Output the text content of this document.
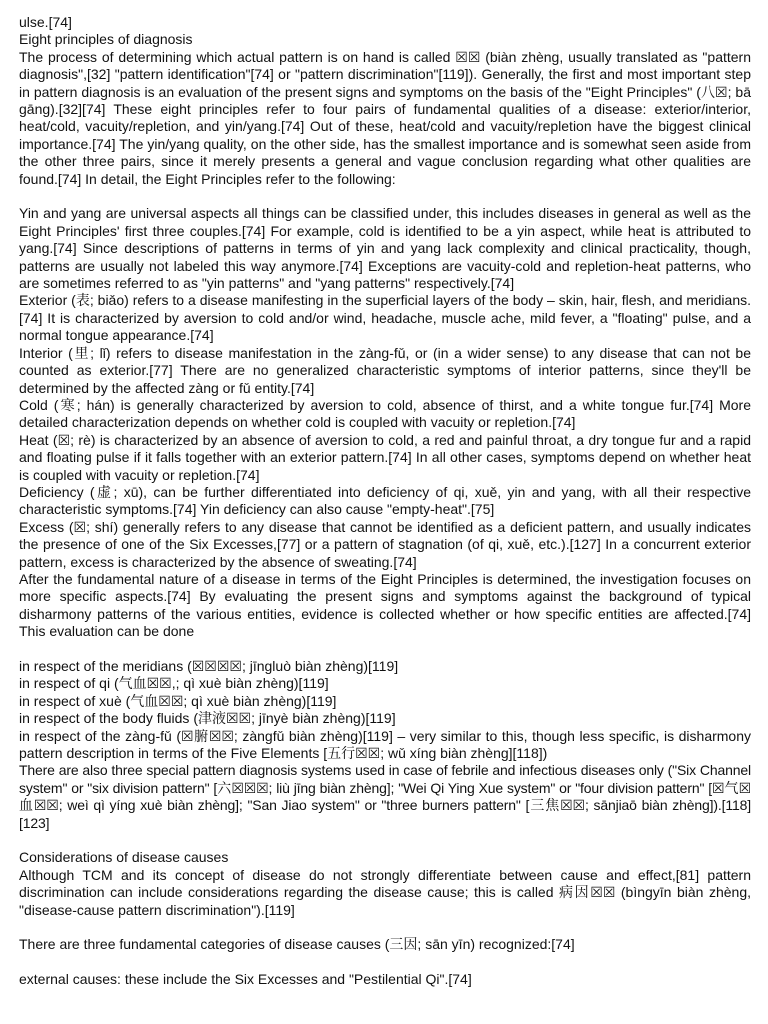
ulse.[74]

Eight principles of diagnosis

The process of determining which actual pattern is on hand is called ☒☒ (biàn zhèng, usually translated as "pattern diagnosis",[32] "pattern identification"[74] or "pattern discrimination"[119]). Generally, the first and most important step in pattern diagnosis is an evaluation of the present signs and symptoms on the basis of the "Eight Principles" (八☒; bā gāng).[32][74] These eight principles refer to four pairs of fundamental qualities of a disease: exterior/interior, heat/cold, vacuity/repletion, and yin/yang.[74] Out of these, heat/cold and vacuity/repletion have the biggest clinical importance.[74] The yin/yang quality, on the other side, has the smallest importance and is somewhat seen aside from the other three pairs, since it merely presents a general and vague conclusion regarding what other qualities are found.[74] In detail, the Eight Principles refer to the following:

Yin and yang are universal aspects all things can be classified under, this includes diseases in general as well as the Eight Principles' first three couples.[74] For example, cold is identified to be a yin aspect, while heat is attributed to yang.[74] Since descriptions of patterns in terms of yin and yang lack complexity and clinical practicality, though, patterns are usually not labeled this way anymore.[74] Exceptions are vacuity-cold and repletion-heat patterns, who are sometimes referred to as "yin patterns" and "yang patterns" respectively.[74]

Exterior (表; biǎo) refers to a disease manifesting in the superficial layers of the body – skin, hair, flesh, and meridians.[74] It is characterized by aversion to cold and/or wind, headache, muscle ache, mild fever, a "floating" pulse, and a normal tongue appearance.[74]

Interior (里; lǐ) refers to disease manifestation in the zàng-fǔ, or (in a wider sense) to any disease that can not be counted as exterior.[77] There are no generalized characteristic symptoms of interior patterns, since they'll be determined by the affected zàng or fǔ entity.[74]

Cold (寒; hán) is generally characterized by aversion to cold, absence of thirst, and a white tongue fur.[74] More detailed characterization depends on whether cold is coupled with vacuity or repletion.[74]

Heat (☒; rè) is characterized by an absence of aversion to cold, a red and painful throat, a dry tongue fur and a rapid and floating pulse if it falls together with an exterior pattern.[74] In all other cases, symptoms depend on whether heat is coupled with vacuity or repletion.[74]

Deficiency (虚; xū), can be further differentiated into deficiency of qi, xuě, yin and yang, with all their respective characteristic symptoms.[74] Yin deficiency can also cause "empty-heat".[75]

Excess (☒; shí) generally refers to any disease that cannot be identified as a deficient pattern, and usually indicates the presence of one of the Six Excesses,[77] or a pattern of stagnation (of qi, xuě, etc.).[127] In a concurrent exterior pattern, excess is characterized by the absence of sweating.[74]

After the fundamental nature of a disease in terms of the Eight Principles is determined, the investigation focuses on more specific aspects.[74] By evaluating the present signs and symptoms against the background of typical disharmony patterns of the various entities, evidence is collected whether or how specific entities are affected.[74] This evaluation can be done

in respect of the meridians (☒☒☒☒; jīngluò biàn zhèng)[119]

in respect of qi (气血☒☒,; qì xuè biàn zhèng)[119]

in respect of xuè (气血☒☒; qì xuè biàn zhèng)[119]

in respect of the body fluids (津液☒☒; jīnyè biàn zhèng)[119]

in respect of the zàng-fǔ (☒腑☒☒; zàngfǔ biàn zhèng)[119] – very similar to this, though less specific, is disharmony pattern description in terms of the Five Elements [五行☒☒; wǔ xíng biàn zhèng][118])

There are also three special pattern diagnosis systems used in case of febrile and infectious diseases only ("Six Channel system" or "six division pattern" [六☒☒☒; liù jīng biàn zhèng]; "Wei Qi Ying Xue system" or "four division pattern" [☒气☒血☒☒; weì qì yíng xuè biàn zhèng]; "San Jiao system" or "three burners pattern" [三焦☒☒; sānjiaō biàn zhèng]).[118][123]

Considerations of disease causes

Although TCM and its concept of disease do not strongly differentiate between cause and effect,[81] pattern discrimination can include considerations regarding the disease cause; this is called 病因☒☒ (bìngyīn biàn zhèng, "disease-cause pattern discrimination").[119]

There are three fundamental categories of disease causes (三因; sān yīn) recognized:[74]

external causes: these include the Six Excesses and "Pestilential Qi".[74]
